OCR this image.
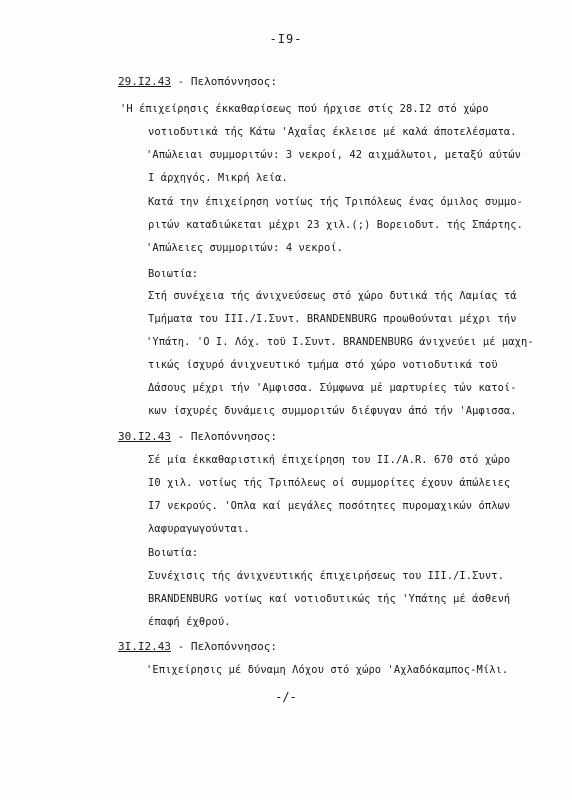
-I9-
29.I2.43 - Πελοπόννησος:
'Η έπιχείρησις έκκαθαρίσεως πού ήρχισε στίς 28.I2 στό χώρο
νοτιοδυτικά τής Κάτω 'Αχαΐας έκλεισε μέ καλά άποτελέσματα.
'Απώλειαι συμμοριτών: 3 νεκροί, 42 αιχμάλωτοι, μεταξύ αύτών
I άρχηγός. Μικρή λεία.
Κατά την έπιχείρηση νοτίως τής Τριπόλεως ένας όμιλος συμμο-
ριτών καταδιώκεται μέχρι 23 χιλ.(;) Βορειοδυτ. τής Σπάρτης.
'Απώλειες συμμοριτών: 4 νεκροί.
Βοιωτία:
Στή συνέχεια τής άνιχνεύσεως στό χώρο δυτικά τής Λαμίας τά
Τμήματα του III./I.Συντ. BRANDENBURG προωθούνται μέχρι τήν
'Υπάτη. 'Ο I. Λόχ. τοϋ I.Συντ. BRANDENBURG άνιχνεύει μέ μαχη-
τικώς ίσχυρό άνιχνευτικό τμήμα στό χώρο νοτιοδυτικά τοϋ
Δάσους μέχρι τήν 'Αμφισσα. Σύμφωνα μέ μαρτυρίες τών κατοί-
κων ίσχυρές δυνάμεις συμμοριτών διέφυγαν άπό τήν 'Αμφισσα.
30.I2.43 - Πελοπόννησος:
Σέ μία έκκαθαριστική έπιχείρηση του II./A.R. 670 στό χώρο
I0 χιλ. νοτίως τής Τριπόλεως οί συμμορίτες έχουν άπώλειες
I7 νεκρούς. 'Οπλα καί μεγάλες ποσότητες πυρομαχικών όπλων
λαφυραγωγούνται.
Βοιωτία:
Συνέχισις τής άνιχνευτικής έπιχειρήσεως του III./I.Συντ.
BRANDENBURG νοτίως καί νοτιοδυτικώς τής 'Υπάτης μέ άσθενή
έπαφή έχθρού.
3I.I2.43 - Πελοπόννησος:
'Επιχείρησις μέ δύναμη Λόχου στό χώρο 'Αχλαδόκαμπος-Μίλι.
-/-
